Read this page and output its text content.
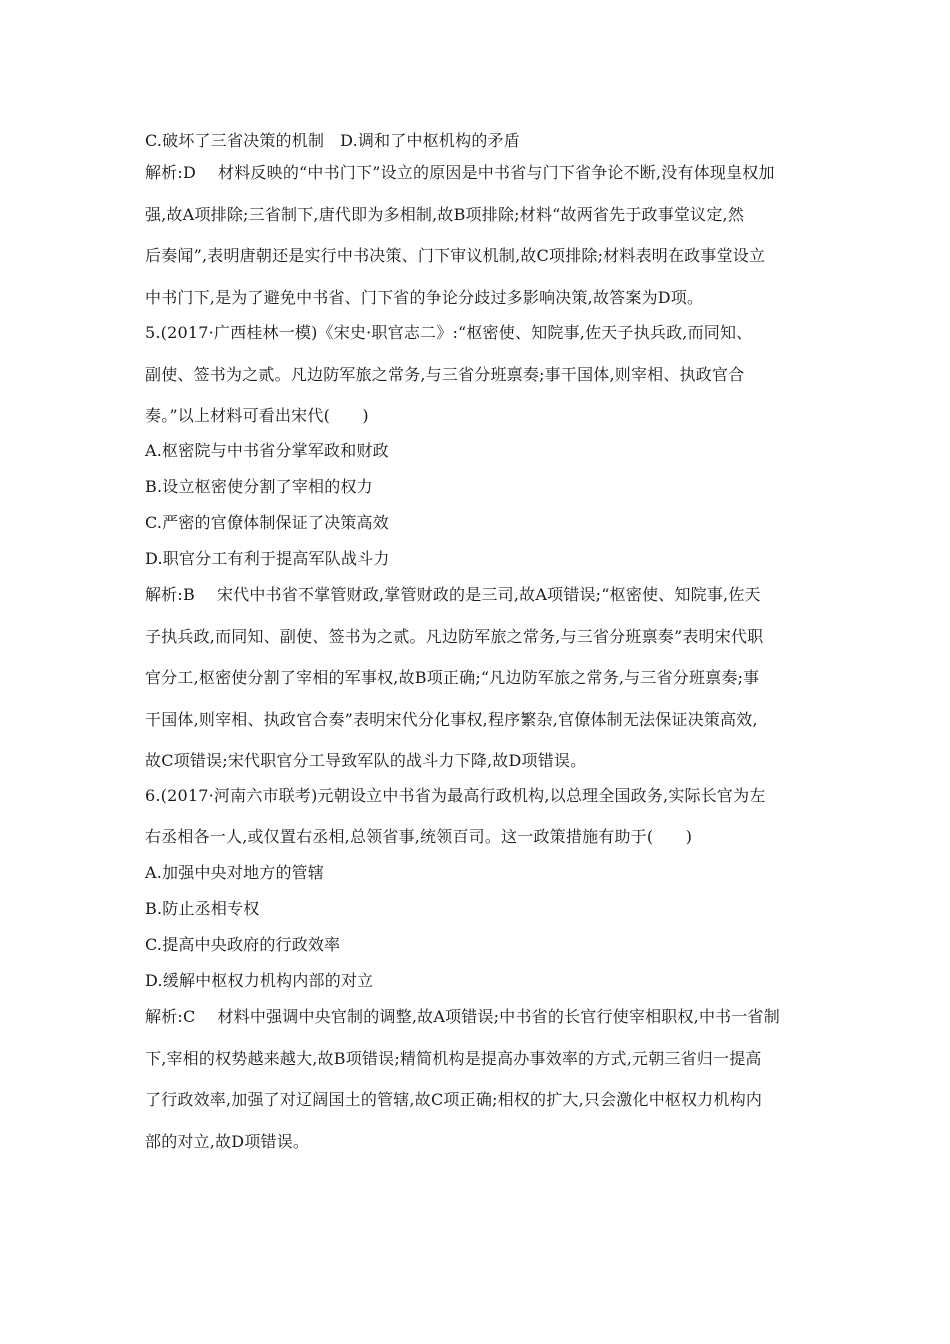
C.破坏了三省决策的机制 D.调和了中枢机构的矛盾
解析:D 材料反映的“中书门下”设立的原因是中书省与门下省争论不断,没有体现皇权加
强,故A项排除;三省制下,唐代即为多相制,故B项排除;材料“故两省先于政事堂议定,然
后奏闻”,表明唐朝还是实行中书决策、门下审议机制,故C项排除;材料表明在政事堂设立
中书门下,是为了避免中书省、门下省的争论分歧过多影响决策,故答案为D项。
5.(2017·广西桂林一模)《宋史·职官志二》:“枢密使、知院事,佐天子执兵政,而同知、
副使、签书为之贰。凡边防军旅之常务,与三省分班禀奏;事干国体,则宰相、执政官合
奏。”以上材料可看出宋代(　　)
A.枢密院与中书省分掌军政和财政
B.设立枢密使分割了宰相的权力
C.严密的官僚体制保证了决策高效
D.职官分工有利于提高军队战斗力
解析:B 宋代中书省不掌管财政,掌管财政的是三司,故A项错误;“枢密使、知院事,佐天
子执兵政,而同知、副使、签书为之贰。凡边防军旅之常务,与三省分班禀奏”表明宋代职
官分工,枢密使分割了宰相的军事权,故B项正确;“凡边防军旅之常务,与三省分班禀奏;事
干国体,则宰相、执政官合奏”表明宋代分化事权,程序繁杂,官僚体制无法保证决策高效,
故C项错误;宋代职官分工导致军队的战斗力下降,故D项错误。
6.(2017·河南六市联考)元朝设立中书省为最高行政机构,以总理全国政务,实际长官为左
右丞相各一人,或仅置右丞相,总领省事,统领百司。这一政策措施有助于(　　)
A.加强中央对地方的管辖
B.防止丞相专权
C.提高中央政府的行政效率
D.缓解中枢权力机构内部的对立
解析:C 材料中强调中央官制的调整,故A项错误;中书省的长官行使宰相职权,中书一省制
下,宰相的权势越来越大,故B项错误;精简机构是提高办事效率的方式,元朝三省归一提高
了行政效率,加强了对辽阔国土的管辖,故C项正确;相权的扩大,只会激化中枢权力机构内
部的对立,故D项错误。
